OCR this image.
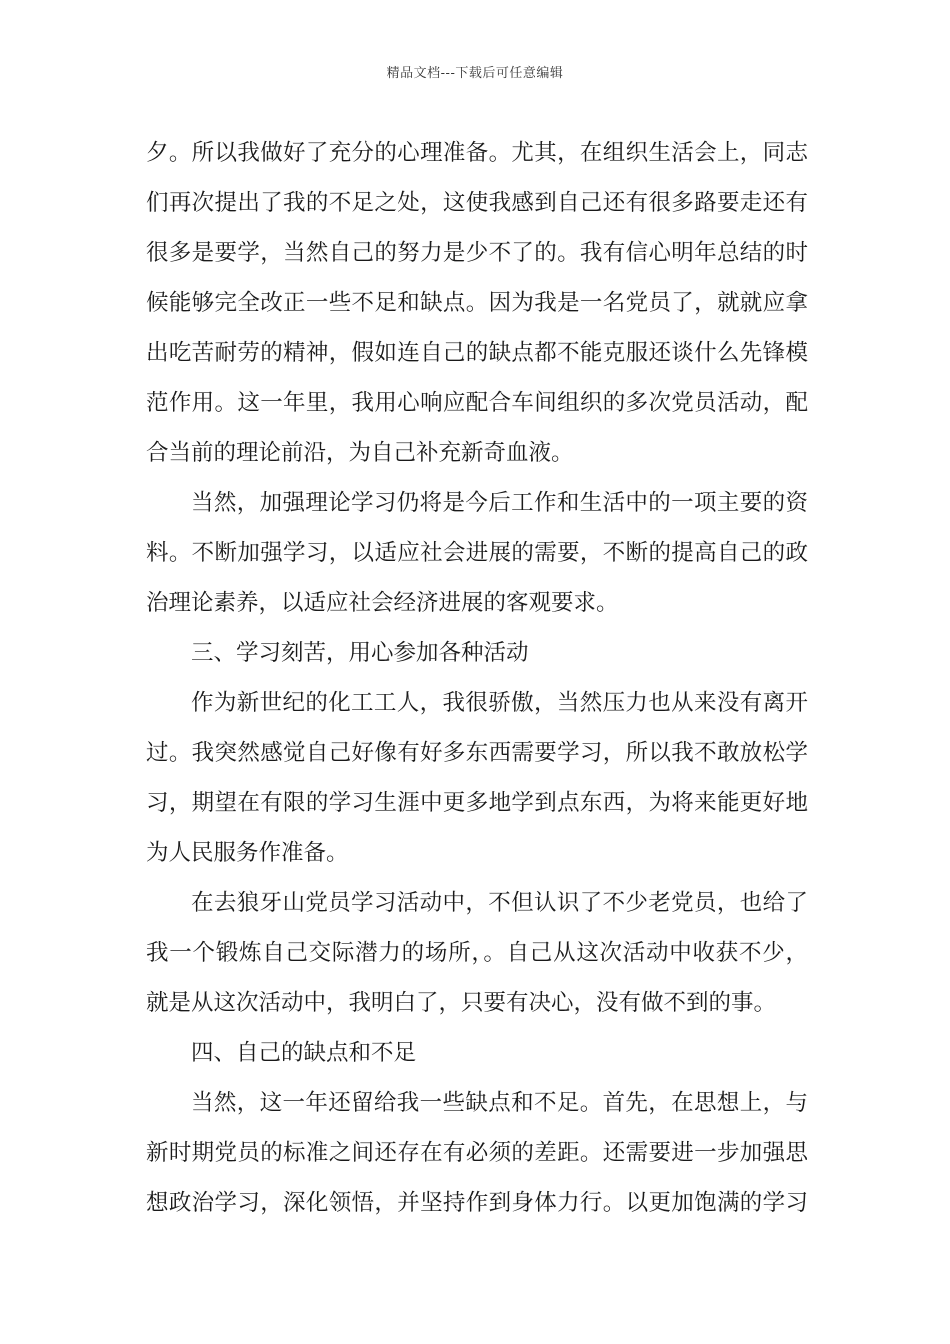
精品文档---下载后可任意编辑
夕。所以我做好了充分的心理准备。尤其，在组织生活会上，同志
们再次提出了我的不足之处，这使我感到自己还有很多路要走还有
很多是要学，当然自己的努力是少不了的。我有信心明年总结的时
候能够完全改正一些不足和缺点。因为我是一名党员了，就就应拿
出吃苦耐劳的精神，假如连自己的缺点都不能克服还谈什么先锋模
范作用。这一年里，我用心响应配合车间组织的多次党员活动，配
合当前的理论前沿，为自己补充新奇血液。
当然，加强理论学习仍将是今后工作和生活中的一项主要的资
料。不断加强学习，以适应社会进展的需要，不断的提高自己的政
治理论素养，以适应社会经济进展的客观要求。
三、学习刻苦，用心参加各种活动
作为新世纪的化工工人，我很骄傲，当然压力也从来没有离开
过。我突然感觉自己好像有好多东西需要学习，所以我不敢放松学
习，期望在有限的学习生涯中更多地学到点东西，为将来能更好地
为人民服务作准备。
在去狼牙山党员学习活动中，不但认识了不少老党员，也给了
我一个锻炼自己交际潜力的场所，。自己从这次活动中收获不少，
就是从这次活动中，我明白了，只要有决心，没有做不到的事。
四、自己的缺点和不足
当然，这一年还留给我一些缺点和不足。首先，在思想上，与
新时期党员的标准之间还存在有必须的差距。还需要进一步加强思
想政治学习，深化领悟，并坚持作到身体力行。以更加饱满的学习
